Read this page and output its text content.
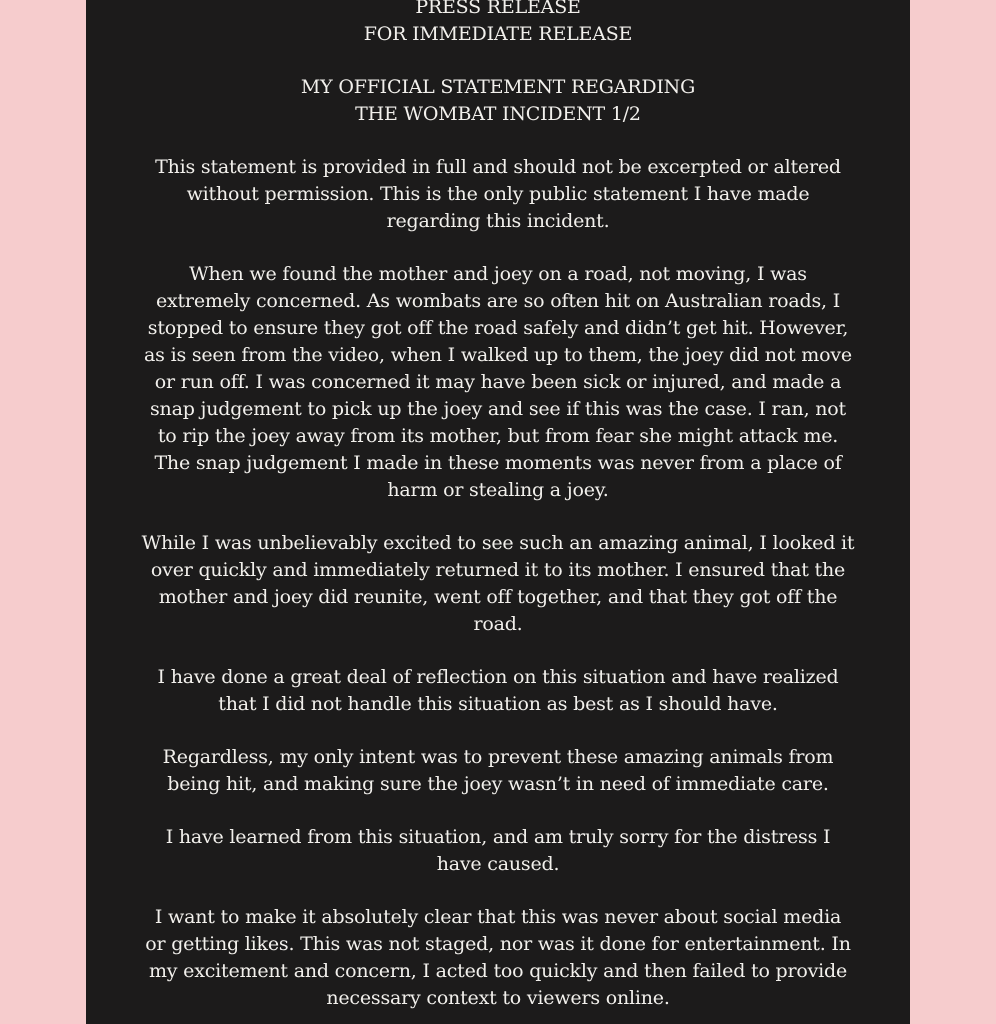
PRESS RELEASE
FOR IMMEDIATE RELEASE

MY OFFICIAL STATEMENT REGARDING
THE WOMBAT INCIDENT 1/2

This statement is provided in full and should not be excerpted or altered
without permission. This is the only public statement I have made
regarding this incident.

When we found the mother and joey on a road, not moving, I was
extremely concerned. As wombats are so often hit on Australian roads, I
stopped to ensure they got off the road safely and didn’t get hit. However,
as is seen from the video, when I walked up to them, the joey did not move
or run off. I was concerned it may have been sick or injured, and made a
snap judgement to pick up the joey and see if this was the case. I ran, not
to rip the joey away from its mother, but from fear she might attack me.
The snap judgement I made in these moments was never from a place of
harm or stealing a joey.

While I was unbelievably excited to see such an amazing animal, I looked it
over quickly and immediately returned it to its mother. I ensured that the
mother and joey did reunite, went off together, and that they got off the
road.

I have done a great deal of reflection on this situation and have realized
that I did not handle this situation as best as I should have.

Regardless, my only intent was to prevent these amazing animals from
being hit, and making sure the joey wasn’t in need of immediate care.

I have learned from this situation, and am truly sorry for the distress I
have caused.

I want to make it absolutely clear that this was never about social media
or getting likes. This was not staged, nor was it done for entertainment. In
my excitement and concern, I acted too quickly and then failed to provide
necessary context to viewers online.
